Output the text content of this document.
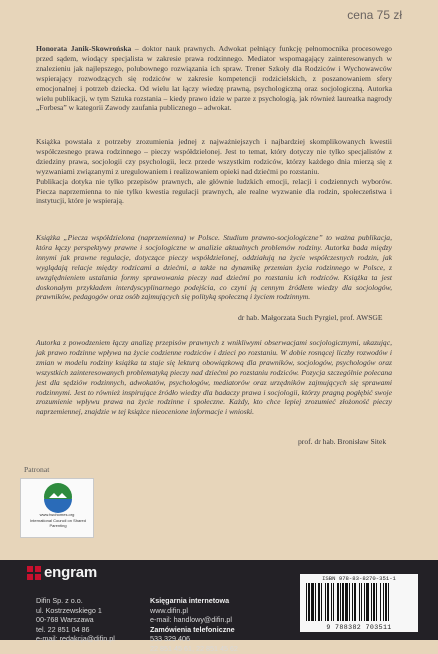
cena 75 zł

Honorata Janik-Skowrońska – doktor nauk prawnych. Adwokat pełniący funkcję pełnomocnika procesowego przed sądem, wiodący specjalista w zakresie prawa rodzinnego. Mediator wspomagający zainteresowanych w znalezieniu jak najlepszego, polubownego rozwiązania ich spraw. Trener Szkoły dla Rodziców i Wychowawców wspierający rozwodzących się rodziców w zakresie kompetencji rodzicielskich, z poszanowaniem sfery emocjonalnej i potrzeb dziecka. Od wielu lat łączy wiedzę prawną, psychologiczną oraz socjologiczną. Autorka wielu publikacji, w tym Sztuka rozstania – kiedy prawo idzie w parze z psychologią, jak również laureatka nagrody „Forbesa” w kategorii Zawody zaufania publicznego – adwokat.

Książka powstała z potrzeby zrozumienia jednej z najważniejszych i najbardziej skomplikowanych kwestii współczesnego prawa rodzinnego – pieczy współdzielonej. Jest to temat, który dotyczy nie tylko specjalistów z dziedziny prawa, socjologii czy psychologii, lecz przede wszystkim rodziców, którzy każdego dnia mierzą się z wyzwaniami związanymi z uregulowaniem i realizowaniem opieki nad dziećmi po rozstaniu.

Publikacja dotyka nie tylko przepisów prawnych, ale głównie ludzkich emocji, relacji i codziennych wyborów. Piecza naprzemienna to nie tylko kwestia regulacji prawnych, ale realne wyzwanie dla rodzin, społeczeństwa i instytucji, które je wspierają.

Książka „Piecza współdzielona (naprzemienna) w Polsce. Studium prawno-socjologiczne” to ważna publikacja, która łączy perspektywy prawne i socjologiczne w analizie aktualnych problemów rodziny. Autorka bada między innymi jak prawne regulacje, dotyczące pieczy współdzielonej, oddziałują na życie współczesnych rodzin, jak wyglądają relacje między rodzicami a dziećmi, a także na dynamikę przemian życia rodzinnego w Polsce, z uwzględnieniem ustalania formy sprawowania pieczy nad dziećmi po rozstaniu ich rodziców. Książka ta jest doskonałym przykładem interdyscyplinarnego podejścia, co czyni ją cennym źródłem wiedzy dla socjologów, prawników, pedagogów oraz osób zajmujących się polityką społeczną i życiem rodzinnym.

dr hab. Małgorzata Such Pyrgiel, prof. AWSGE

Autorka z powodzeniem łączy analizę przepisów prawnych z wnikliwymi obserwacjami socjologicznymi, ukazując, jak prawo rodzinne wpływa na życie codzienne rodziców i dzieci po rozstaniu. W dobie rosnącej liczby rozwodów i zmian w modelu rodziny książka ta staje się lekturą obowiązkową dla prawników, socjologów, psychologów oraz wszystkich zainteresowanych problematyką pieczy nad dziećmi po rozstaniu rodziców. Pozycja szczególnie polecana jest dla sędziów rodzinnych, adwokatów, psychologów, mediatorów oraz urzędników zajmujących się sprawami rodzinnymi. Jest to również inspirujące źródło wiedzy dla badaczy prawa i socjologii, którzy pragną pogłębić swoje zrozumienie wpływu prawa na życie rodzinne i społeczne. Każdy, kto chce lepiej zrozumieć złożoność pieczy naprzemiennej, znajdzie w tej książce nieocenione informacje i wnioski.

prof. dr hab. Bronisław Sitek
Patronat
www.twohomes.org
International Council on Shared Parenting
engram
Difin Sp. z o.o.
ul. Kostrzewskiego 1
00-768 Warszawa
tel. 22 851 04 86
e-mail: redakcja@difin.pl
Księgarnia internetowa
www.difin.pl
e-mail: handlowy@difin.pl
Zamówienia telefoniczne
533 329 406
22 851 45 61, 22 851 45 62
ISBN 978-83-8270-351-1
9 788382 703511
